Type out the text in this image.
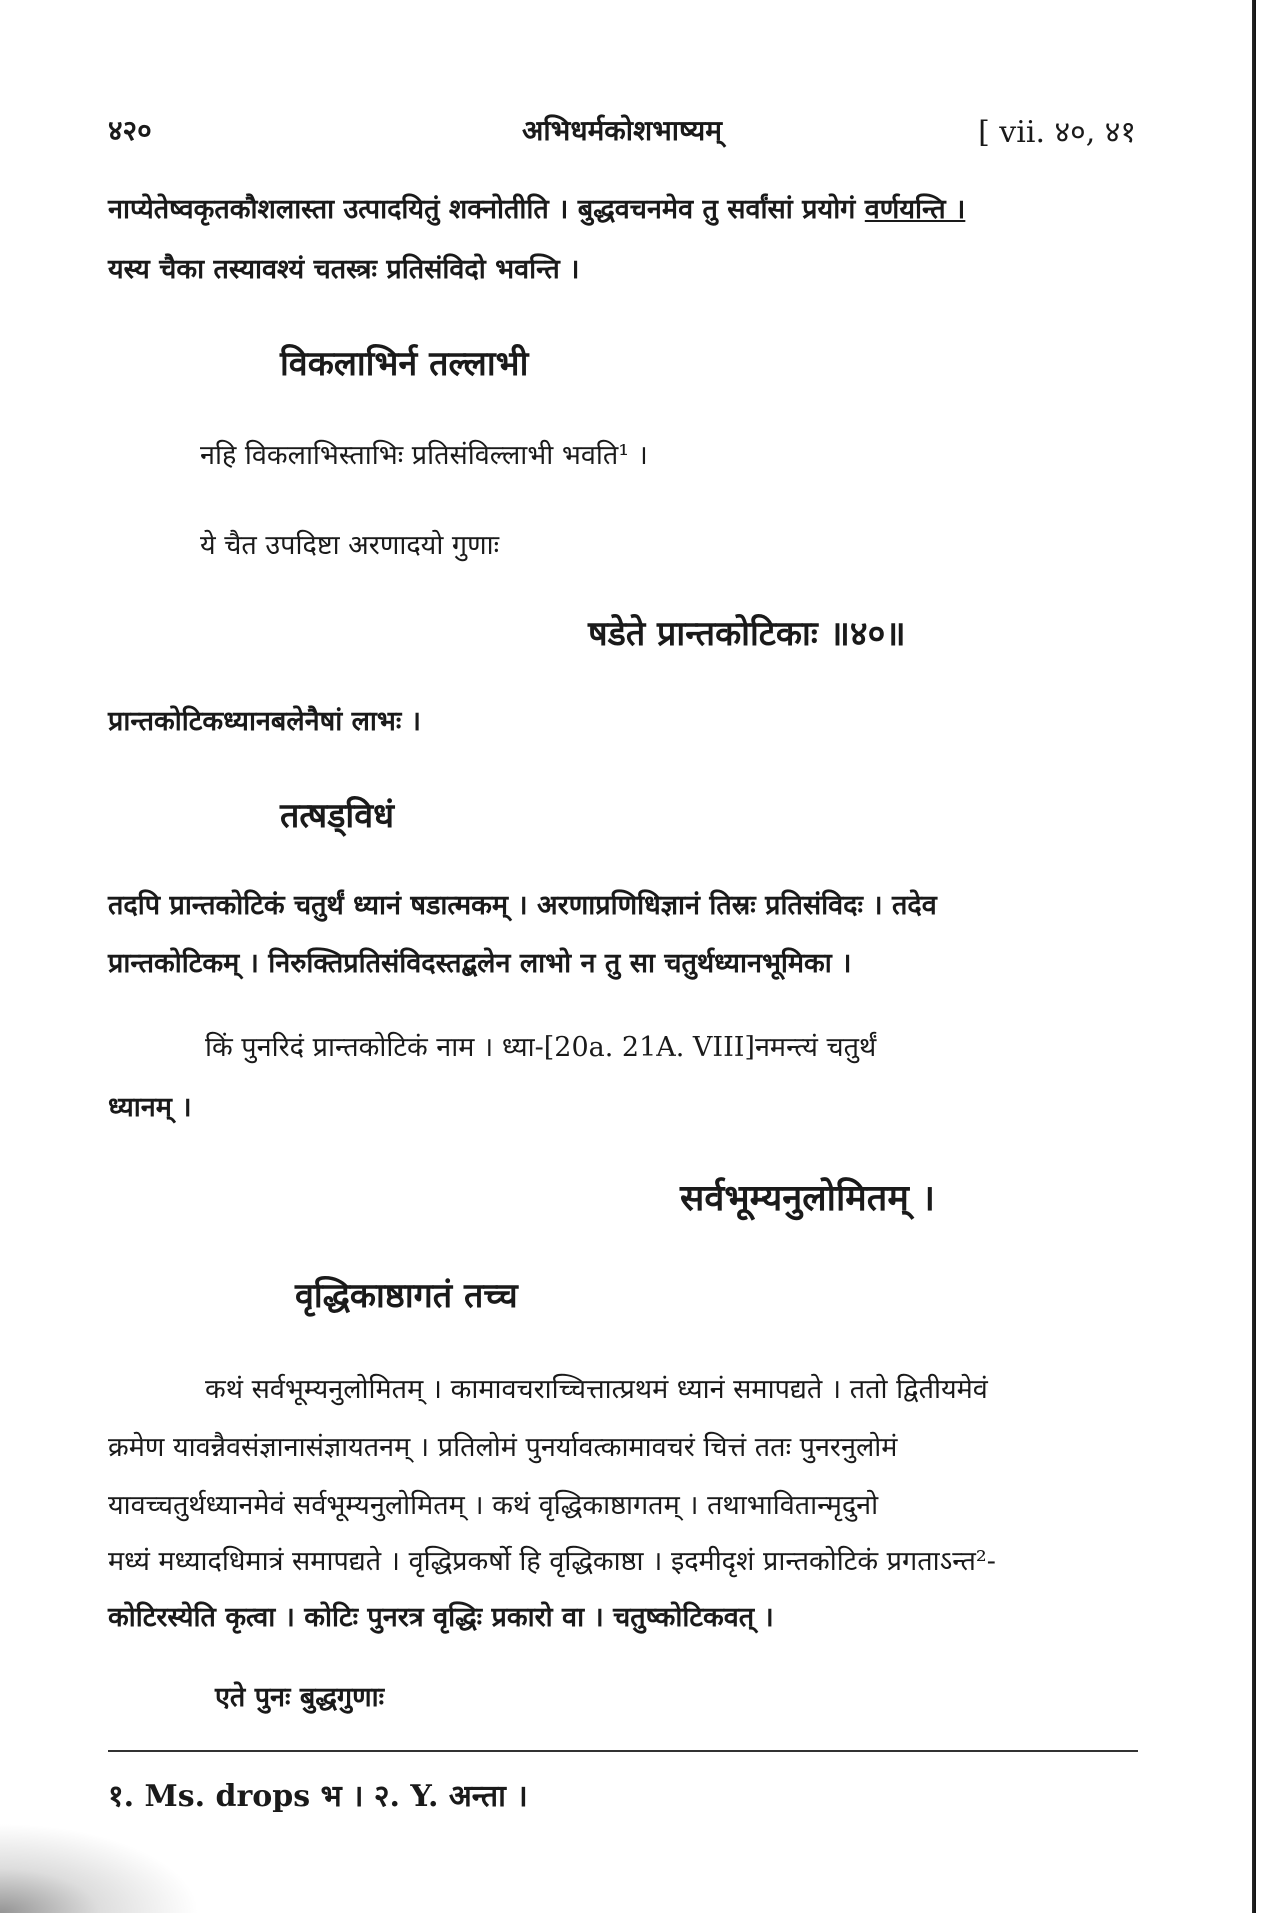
४२०	अभिधर्मकोशभाष्यम्	[ vii. ४०, ४१
नाप्येतेष्वकृतकौशलास्ता उत्पादयितुं शक्नोतीति । बुद्धवचनमेव तु सर्वांसां प्रयोगं वर्णयन्ति ।
यस्य चैका तस्यावश्यं चतस्त्रः प्रतिसंविदो भवन्ति ।
विकलाभिर्न तल्लाभी
नहि विकलाभिस्ताभिः प्रतिसंविल्लाभी भवति¹ ।
ये चैत उपदिष्टा अरणादयो गुणाः
षडेते प्रान्तकोटिकाः ॥४०॥
प्रान्तकोटिकध्यानबलेनैषां लाभः ।
तत्षड्विधं
तदपि प्रान्तकोटिकं चतुर्थं ध्यानं षडात्मकम् । अरणाप्रणिधिज्ञानं तिस्रः प्रतिसंविदः । तदेव
प्रान्तकोटिकम् । निरुक्तिप्रतिसंविदस्तद्बलेन लाभो न तु सा चतुर्थध्यानभूमिका ।
किं पुनरिदं प्रान्तकोटिकं नाम । ध्या-[20a. 21A. VIII]नमन्त्यं चतुर्थं
ध्यानम् ।
सर्वभूम्यनुलोमितम् ।
वृद्धिकाष्ठागतं तच्च
कथं सर्वभूम्यनुलोमितम् । कामावचराच्चित्तात्प्रथमं ध्यानं समापद्यते । ततो द्वितीयमेवं
क्रमेण यावन्नैवसंज्ञानासंज्ञायतनम् । प्रतिलोमं पुनर्यावत्कामावचरं चित्तं ततः पुनरनुलोमं
यावच्चतुर्थध्यानमेवं सर्वभूम्यनुलोमितम् । कथं वृद्धिकाष्ठागतम् । तथाभावितान्मृदुनो
मध्यं मध्यादधिमात्रं समापद्यते । वृद्धिप्रकर्षो हि वृद्धिकाष्ठा । इदमीदृशं प्रान्तकोटिकं प्रगताऽन्त²-
कोटिरस्येति कृत्वा । कोटिः पुनरत्र वृद्धिः प्रकारो वा । चतुष्कोटिकवत् ।
एते पुनः बुद्धगुणाः
१. Ms. drops भ । २. Y. अन्ता ।
